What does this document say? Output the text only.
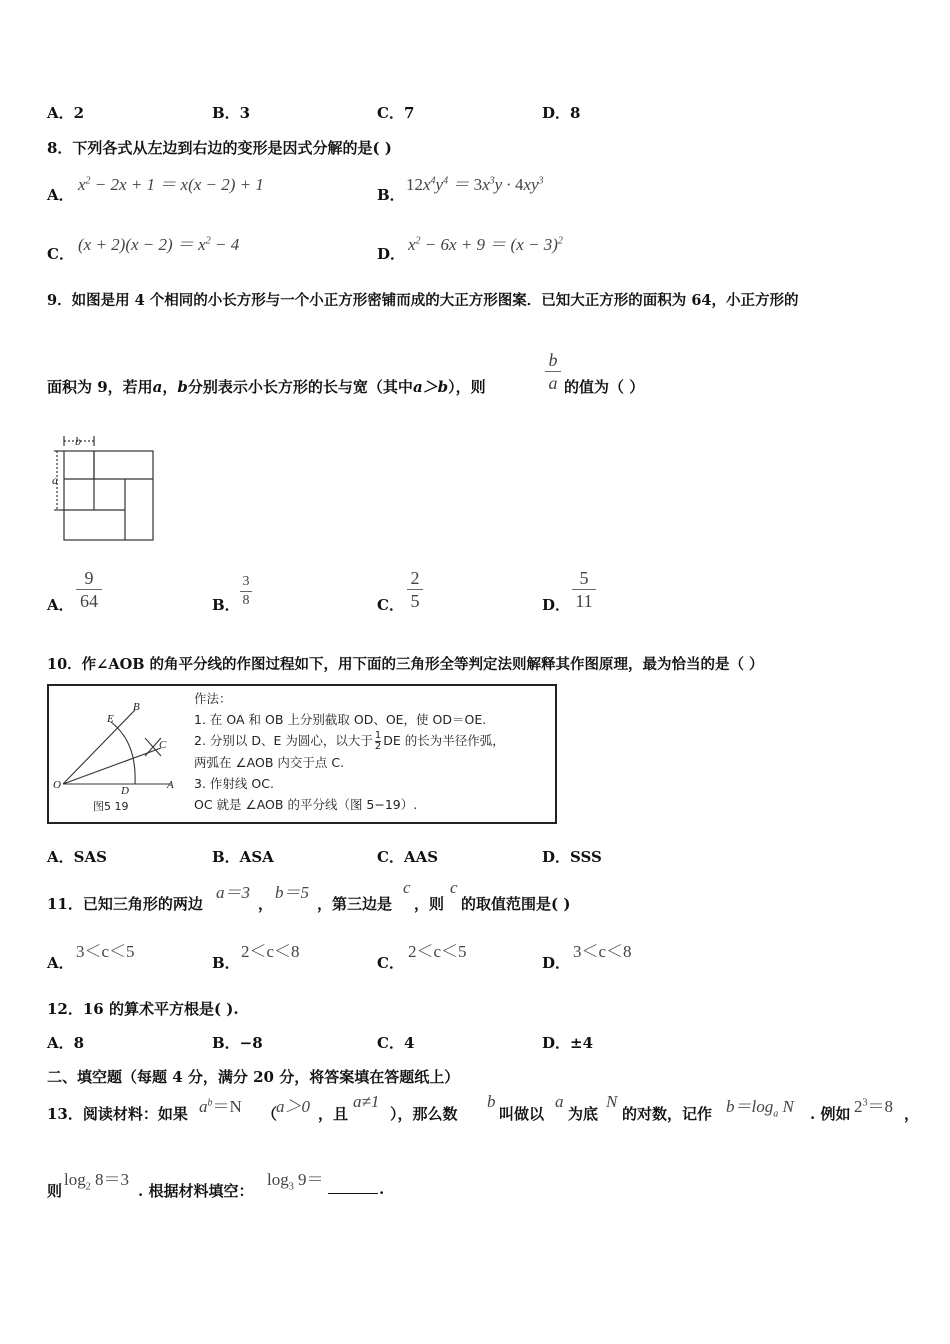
A．2	B．3	C．7	D．8
8．下列各式从左边到右边的变形是因式分解的是( )
A．
$x^2 - 2x + 1 = x(x - 2) + 1$
B．
$12x^4y^4 = 3x^3y \cdot 4xy^3$
C． $(x + 2)(x - 2) = x^2 - 4$	D． $x^2 - 6x + 9 = (x - 3)^2$
9．如图是用 4 个相同的小长方形与一个小正方形密铺而成的大正方形图案．已知大正方形的面积为 64，小正方形的
面积为 9，若用a，b分别表示小长方形的长与宽（其中a＞b），则
b
a 的值为（ ）
b
a
A．
9
64	B．
3
8	C．
2
5	D．
5
11
10．作∠AOB 的角平分线的作图过程如下，用下面的三角形全等判定法则解释其作图原理，最为恰当的是（ ）
O	A
B
C
D
E
图5 19
作法：
1. 在 OA 和 OB 上分别截取 OD、OE，使 OD＝OE.
2. 分别以 D、E 为圆心，以大于 $\frac{1}{2}$ DE 的长为半径作弧，
两弧在 ∠AOB 内交于点 C.
3. 作射线 OC.
OC 就是 ∠AOB 的平分线（图 5−19）.
A．SAS	B．ASA	C．AAS	D．SSS
11．已知三角形的两边
a＝3
，
b＝5
，第三边是
c
，则
c
的取值范围是( )
A．
3＜c＜5
B．
2＜c＜8
C．
2＜c＜5
D．
3＜c＜8
12．16 的算术平方根是( ).
A．8	B．−8	C．4	D．±4
二、填空题（每题 4 分，满分 20 分，将答案填在答题纸上）
13．阅读材料：如果 $a^b=N$ （
a＞0 ，且
a≠1
），那么数
b
叫做以
a
为底
N
的对数，记作 $b=\log_a$ N . 例如 $2^3=8$ ，
则
$\log_2 8=3$
. 根据材料填空：
$\log_3 9=$	.
